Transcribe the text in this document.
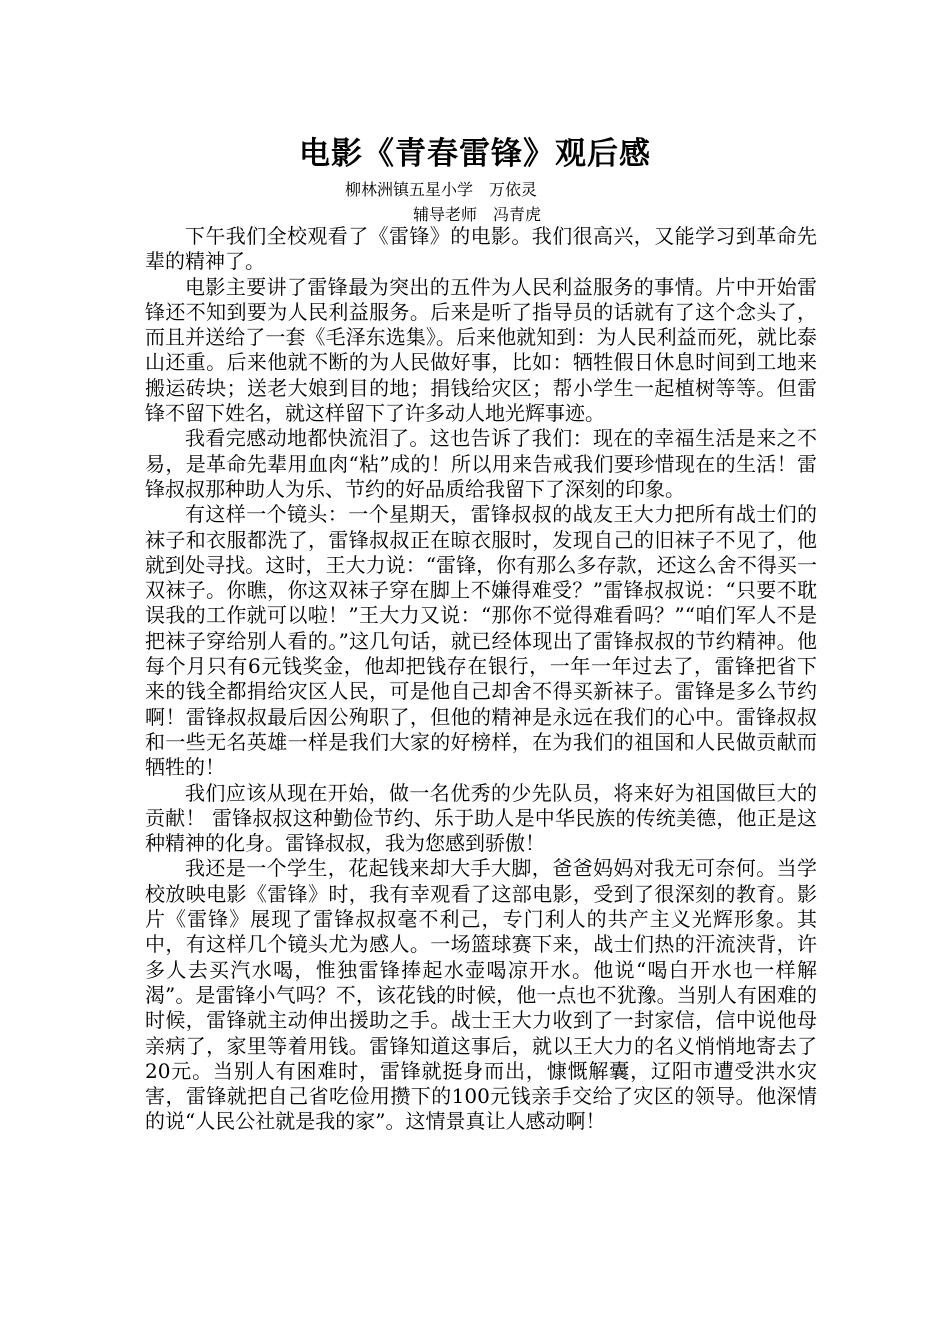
电影《青春雷锋》观后感
柳林洲镇五星小学　万依灵
辅导老师　冯青虎

下午我们全校观看了《雷锋》的电影。我们很高兴，又能学习到革命先辈的精神了。

电影主要讲了雷锋最为突出的五件为人民利益服务的事情。片中开始雷锋还不知到要为人民利益服务。后来是听了指导员的话就有了这个念头了，而且并送给了一套《毛泽东选集》。后来他就知到：为人民利益而死，就比泰山还重。后来他就不断的为人民做好事，比如：牺牲假日休息时间到工地来搬运砖块；送老大娘到目的地；捐钱给灾区；帮小学生一起植树等等。但雷锋不留下姓名，就这样留下了许多动人地光辉事迹。

我看完感动地都快流泪了。这也告诉了我们：现在的幸福生活是来之不易，是革命先辈用血肉“粘”成的！所以用来告戒我们要珍惜现在的生活！雷锋叔叔那种助人为乐、节约的好品质给我留下了深刻的印象。

有这样一个镜头：一个星期天，雷锋叔叔的战友王大力把所有战士们的袜子和衣服都洗了，雷锋叔叔正在晾衣服时，发现自己的旧袜子不见了，他就到处寻找。这时，王大力说：“雷锋，你有那么多存款，还这么舍不得买一双袜子。你瞧，你这双袜子穿在脚上不嫌得难受？”雷锋叔叔说：“只要不耽误我的工作就可以啦！”王大力又说：“那你不觉得难看吗？”“咱们军人不是把袜子穿给别人看的。”这几句话，就已经体现出了雷锋叔叔的节约精神。他每个月只有6元钱奖金，他却把钱存在银行，一年一年过去了，雷锋把省下来的钱全都捐给灾区人民，可是他自己却舍不得买新袜子。雷锋是多么节约啊！雷锋叔叔最后因公殉职了，但他的精神是永远在我们的心中。雷锋叔叔和一些无名英雄一样是我们大家的好榜样，在为我们的祖国和人民做贡献而牺牲的！

我们应该从现在开始，做一名优秀的少先队员，将来好为祖国做巨大的贡献！ 雷锋叔叔这种勤俭节约、乐于助人是中华民族的传统美德，他正是这种精神的化身。雷锋叔叔，我为您感到骄傲！

我还是一个学生，花起钱来却大手大脚，爸爸妈妈对我无可奈何。当学校放映电影《雷锋》时，我有幸观看了这部电影，受到了很深刻的教育。影片《雷锋》展现了雷锋叔叔毫不利己，专门利人的共产主义光辉形象。其中，有这样几个镜头尤为感人。一场篮球赛下来，战士们热的汗流浃背，许多人去买汽水喝，惟独雷锋捧起水壶喝凉开水。他说“喝白开水也一样解渴”。是雷锋小气吗？不，该花钱的时候，他一点也不犹豫。当别人有困难的时候，雷锋就主动伸出援助之手。战士王大力收到了一封家信，信中说他母亲病了，家里等着用钱。雷锋知道这事后，就以王大力的名义悄悄地寄去了20元。当别人有困难时，雷锋就挺身而出，慷慨解囊，辽阳市遭受洪水灾害，雷锋就把自己省吃俭用攒下的100元钱亲手交给了灾区的领导。他深情的说“人民公社就是我的家”。这情景真让人感动啊！
